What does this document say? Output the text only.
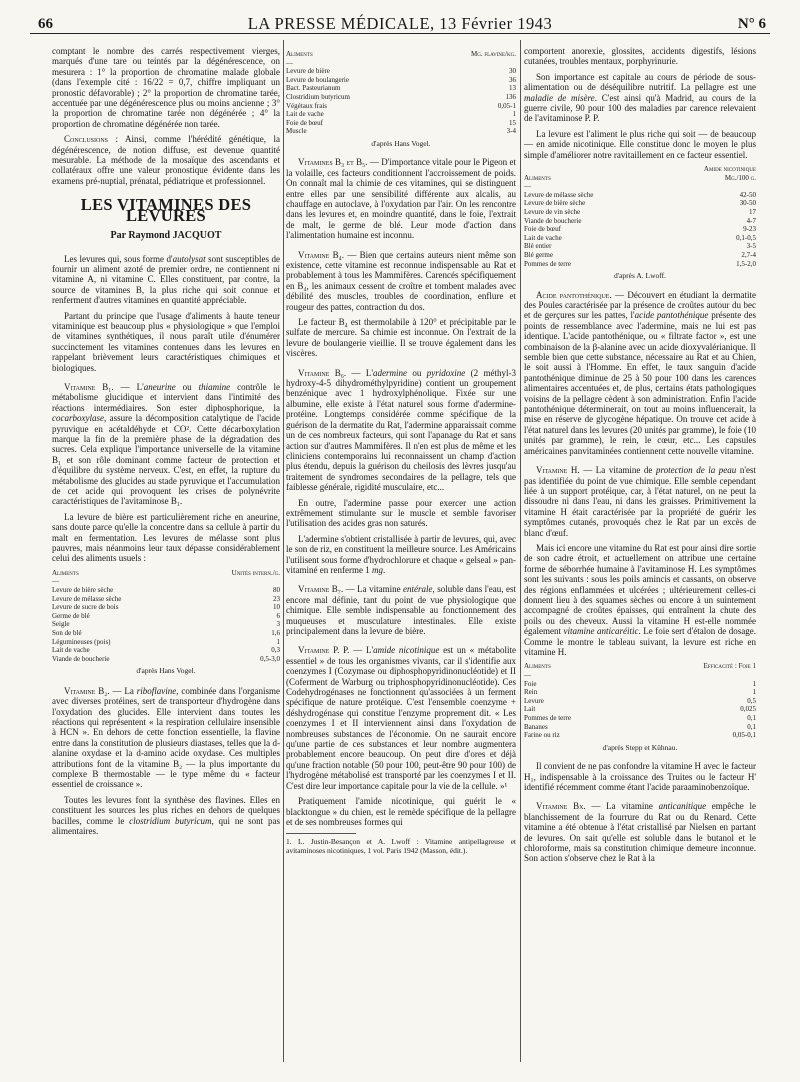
66	LA PRESSE MÉDICALE, 13 Février 1943	N° 6

comptant le nombre des carrés respectivement vierges, marqués d'une tare ou teintés par la dégénérescence, on mesurera : 1° la proportion de chromatine malade globale (dans l'exemple cité : 16/22 = 0,7, chiffre impliquant un pronostic défavorable) ; 2° la proportion de chromatine tarée, accentuée par une dégénérescence plus ou moins ancienne ; 3° la proportion de chromatine tarée non dégénérée ; 4° la proportion de chromatine dégénérée non tarée.

Conclusions : Ainsi, comme l'hérédité génétique, la dégénérescence, de notion diffuse, est devenue quantité mesurable. La méthode de la mosaïque des ascendants et collatéraux offre une valeur pronostique évidente dans les examens pré-nuptial, prénatal, pédiatrique et professionnel.

LES VITAMINES DES LEVURES
Par Raymond JACQUOT

Les levures qui, sous forme d'autolysat sont susceptibles de fournir un aliment azoté de premier ordre, ne contiennent ni vitamine A, ni vitamine C. Elles constituent, par contre, la source de vitamines B, la plus riche qui soit connue et renferment d'autres vitamines en quantité appréciable.

Partant du principe que l'usage d'aliments à haute teneur vitaminique est beaucoup plus « physiologique » que l'emploi de vitamines synthétiques, il nous paraît utile d'énumérer succinctement les vitamines contenues dans les levures en rappelant brièvement leurs caractéristiques chimiques et biologiques.

Vitamine B₁. — L'aneurine ou thiamine contrôle le métabolisme glucidique et intervient dans l'intimité des réactions intermédiaires. Son ester diphosphorique, la cocarboxylase, assure la décomposition catalytique de l'acide pyruvique en acétaldéhyde et CO². Cette décarboxylation marque la fin de la première phase de la dégradation des sucres. Cela explique l'importance universelle de la vitamine B₁ et son rôle dominant comme facteur de protection et d'équilibre du système nerveux. C'est, en effet, la rupture du métabolisme des glucides au stade pyruvique et l'accumulation de cet acide qui provoquent les crises de polynévrite caractéristiques de l'avitaminose B₁.

La levure de bière est particulièrement riche en aneurine, sans doute parce qu'elle la concentre dans sa cellule à partir du malt en fermentation. Les levures de mélasse sont plus pauvres, mais néanmoins leur taux dépasse considérablement celui des aliments usuels :

Aliments	Unités intern./g.
—	
Levure de bière sèche	80
Levure de mélasse sèche	23
Levure de sucre de bois	10
Germe de blé	6
Seigle	3
Son de blé	1,6
Légumineuses (pois)	1
Lait de vache	0,3
Viande de boucherie	0,5-3,0
d'après Hans Vogel.

Vitamine B₂. — La riboflavine, combinée dans l'organisme avec diverses protéines, sert de transporteur d'hydrogène dans l'oxydation des glucides. Elle intervient dans toutes les réactions qui représentent « la respiration cellulaire insensible à HCN ». En dehors de cette fonction essentielle, la flavine entre dans la constitution de plusieurs diastases, telles que la d-alanine oxydase et la d-amino acide oxydase. Ces multiples attributions font de la vitamine B₂ — la plus importante du complexe B thermostable — le type même du « facteur essentiel de croissance ».

Toutes les levures font la synthèse des flavines. Elles en constituent les sources les plus riches en dehors de quelques bacilles, comme le clostridium butyricum, qui ne sont pas alimentaires.

Aliments	Mg. flavine/kg.
—	
Levure de bière	30
Levure de boulangerie	36
Bact. Pasteurianum	13
Clostridium butyricum	136
Végétaux frais	0,05-1
Lait de vache	1
Foie de bœuf	15
Muscle	3-4
d'après Hans Vogel.

Vitamines B₃ et B₅. — D'importance vitale pour le Pigeon et la volaille, ces facteurs conditionnent l'accroissement de poids. On connaît mal la chimie de ces vitamines, qui se distinguent entre elles par une sensibilité différente aux alcalis, au chauffage en autoclave, à l'oxydation par l'air. On les rencontre dans les levures et, en moindre quantité, dans le foie, l'extrait de malt, le germe de blé. Leur mode d'action dans l'alimentation humaine est inconnu.

Vitamine B₄. — Bien que certains auteurs nient même son existence, cette vitamine est reconnue indispensable au Rat et probablement à tous les Mammifères. Carencés spécifiquement en B₄, les animaux cessent de croître et tombent malades avec débilité des muscles, troubles de coordination, enflure et rougeur des pattes, contraction du dos.

Le facteur B₄ est thermolabile à 120° et précipitable par le sulfate de mercure. Sa chimie est inconnue. On l'extrait de la levure de boulangerie vieillie. Il se trouve également dans les viscères.

Vitamine B₆. — L'adermine ou pyridoxine (2 méthyl-3 hydroxy-4-5 dihydrométhylpyridine) contient un groupement benzénique avec 1 hydroxylphénolique. Fixée sur une albumine, elle existe à l'état naturel sous forme d'adermine-protéine. Longtemps considérée comme spécifique de la guérison de la dermatite du Rat, l'adermine apparaissait comme un de ces nombreux facteurs, qui sont l'apanage du Rat et sans action sur d'autres Mammifères. Il n'en est plus de même et les cliniciens contemporains lui reconnaissent un champ d'action plus étendu, depuis la guérison du cheilosis des lèvres jusqu'au traitement de syndromes secondaires de la pellagre, tels que faiblesse générale, rigidité musculaire, etc...

En outre, l'adermine passe pour exercer une action extrêmement stimulante sur le muscle et semble favoriser l'utilisation des acides gras non saturés.

L'adermine s'obtient cristallisée à partir de levures, qui, avec le son de riz, en constituent la meilleure source. Les Américains l'utilisent sous forme d'hydrochlorure et chaque « gelseal » pan-vitaminé en renferme 1 mg.

Vitamine B₇. — La vitamine entérale, soluble dans l'eau, est encore mal définie, tant du point de vue physiologique que chimique. Elle semble indispensable au fonctionnement des muqueuses et musculature intestinales. Elle existe principalement dans la levure de bière.

Vitamine P. P. — L'amide nicotinique est un « métabolite essentiel » de tous les organismes vivants, car il s'identifie aux coenzymes I (Cozymase ou diphosphopyridinonucléotide) et II (Coferment de Warburg ou triphosphopyridinonucléotide). Ces Codehydrogénases ne fonctionnent qu'associées à un ferment spécifique de nature protéique. C'est l'ensemble coenzyme + déshydrogénase qui constitue l'enzyme proprement dit. « Les coenzymes I et II interviennent ainsi dans l'oxydation de nombreuses substances de l'économie. On ne saurait encore qu'une partie de ces substances et leur nombre augmentera probablement encore beaucoup. On peut dire d'ores et déjà qu'une fraction notable (50 pour 100, peut-être 90 pour 100) de l'hydrogène métabolisé est transporté par les coenzymes I et II. C'est dire leur importance capitale pour la vie de la cellule. »¹

Pratiquement l'amide nicotinique, qui guérit le « blacktongue » du chien, est le remède spécifique de la pellagre et de ses nombreuses formes qui

1. L. Justin-Besançon et A. Lwoff : Vitamine antipellagreuse et avitaminoses nicotiniques, 1 vol. Paris 1942 (Masson, édit.).

comportent anorexie, glossites, accidents digestifs, lésions cutanées, troubles mentaux, porphyrinurie.

Son importance est capitale au cours de période de sous-alimentation ou de déséquilibre nutritif. La pellagre est une maladie de misère. C'est ainsi qu'à Madrid, au cours de la guerre civile, 90 pour 100 des maladies par carence relevaient de l'avitaminose P. P.

La levure est l'aliment le plus riche qui soit — de beaucoup — en amide nicotinique. Elle constitue donc le moyen le plus simple d'améliorer notre ravitaillement en ce facteur essentiel.

	Amide nicotinique
Aliments	Mg./100 g.
—	
Levure de mélasse sèche	42-50
Levure de bière sèche	30-50
Levure de vin sèche	17
Viande de boucherie	4-7
Foie de bœuf	9-23
Lait de vache	0,1-0,5
Blé entier	3-5
Blé germe	2,7-4
Pommes de terre	1,5-2,0
d'après A. Lwoff.

Acide pantothénique. — Découvert en étudiant la dermatite des Poules caractérisée par la présence de croûtes autour du bec et de gerçures sur les pattes, l'acide pantothénique présente des points de ressemblance avec l'adermine, mais ne lui est pas identique. L'acide pantothénique, ou « filtrate factor », est une combinaison de la β-alanine avec un acide dioxyvalérianique. Il semble bien que cette substance, nécessaire au Rat et au Chien, le soit aussi à l'Homme. En effet, le taux sanguin d'acide pantothénique diminue de 25 à 50 pour 100 dans les carences alimentaires accentuées et, de plus, certains états pathologiques voisins de la pellagre cèdent à son administration. Enfin l'acide pantothénique déterminerait, on tout au moins influencerait, la mise en réserve de glycogène hépatique. On trouve cet acide à l'état naturel dans les levures (20 unités par gramme), le foie (10 unités par gramme), le rein, le cœur, etc... Les capsules américaines panvitaminées contiennent cette nouvelle vitamine.

Vitamine H. — La vitamine de protection de la peau n'est pas identifiée du point de vue chimique. Elle semble cependant liée à un support protéique, car, à l'état naturel, on ne peut la dissoudre ni dans l'eau, ni dans les graisses. Primitivement la vitamine H était caractérisée par la propriété de guérir les symptômes cutanés, provoqués chez le Rat par un excès de blanc d'œuf.

Mais ici encore une vitamine du Rat est pour ainsi dire sortie de son cadre étroit, et actuellement on attribue une certaine forme de séborrhée humaine à l'avitaminose H. Les symptômes sont les suivants : sous les poils amincis et cassants, on observe des régions enflammées et ulcérées ; ultérieurement celles-ci donnent lieu à des squames sèches ou encore à un suintement accompagné de croûtes épaisses, qui entraînent la chute des poils ou des cheveux. Aussi la vitamine H est-elle nommée également vitamine anticaréitic. Le foie sert d'étalon de dosage. Comme le montre le tableau suivant, la levure est riche en vitamine H.

Aliments	Efficacité : Foie 1
—	
Foie	1
Rein	1
Levure	0,5
Lait	0,025
Pommes de terre	0,1
Bananes	0,1
Farine ou riz	0,05-0,1
d'après Stepp et Kühnau.

Il convient de ne pas confondre la vitamine H avec le facteur H₁, indispensable à la croissance des Truites ou le facteur H' identifié récemment comme étant l'acide paraaminobenzoïque.

Vitamine Bx. — La vitamine anticanitique empêche le blanchissement de la fourrure du Rat ou du Renard. Cette vitamine a été obtenue à l'état cristallisé par Nielsen en partant de levures. On sait qu'elle est soluble dans le butanol et le chloroforme, mais sa constitution chimique demeure inconnue. Son action s'observe chez le Rat à la
